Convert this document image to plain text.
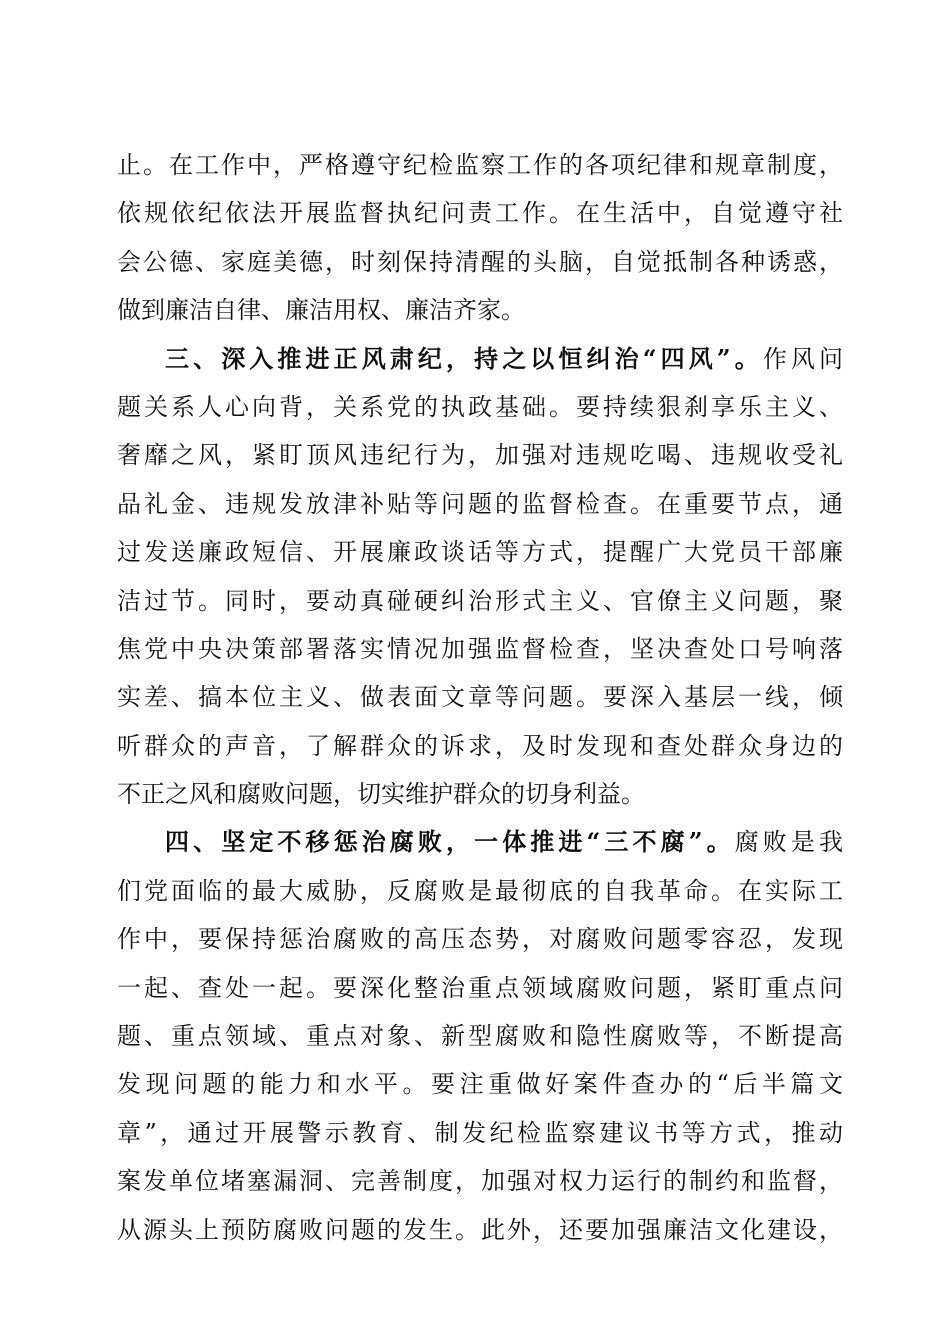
止。在工作中，严格遵守纪检监察工作的各项纪律和规章制度，
依规依纪依法开展监督执纪问责工作。在生活中，自觉遵守社
会公德、家庭美德，时刻保持清醒的头脑，自觉抵制各种诱惑，
做到廉洁自律、廉洁用权、廉洁齐家。
三、深入推进正风肃纪，持之以恒纠治“四风”。作风问
题关系人心向背，关系党的执政基础。要持续狠刹享乐主义、
奢靡之风，紧盯顶风违纪行为，加强对违规吃喝、违规收受礼
品礼金、违规发放津补贴等问题的监督检查。在重要节点，通
过发送廉政短信、开展廉政谈话等方式，提醒广大党员干部廉
洁过节。同时，要动真碰硬纠治形式主义、官僚主义问题，聚
焦党中央决策部署落实情况加强监督检查，坚决查处口号响落
实差、搞本位主义、做表面文章等问题。要深入基层一线，倾
听群众的声音，了解群众的诉求，及时发现和查处群众身边的
不正之风和腐败问题，切实维护群众的切身利益。
四、坚定不移惩治腐败，一体推进“三不腐”。腐败是我
们党面临的最大威胁，反腐败是最彻底的自我革命。在实际工
作中，要保持惩治腐败的高压态势，对腐败问题零容忍，发现
一起、查处一起。要深化整治重点领域腐败问题，紧盯重点问
题、重点领域、重点对象、新型腐败和隐性腐败等，不断提高
发现问题的能力和水平。要注重做好案件查办的“后半篇文
章”，通过开展警示教育、制发纪检监察建议书等方式，推动
案发单位堵塞漏洞、完善制度，加强对权力运行的制约和监督，
从源头上预防腐败问题的发生。此外，还要加强廉洁文化建设，
